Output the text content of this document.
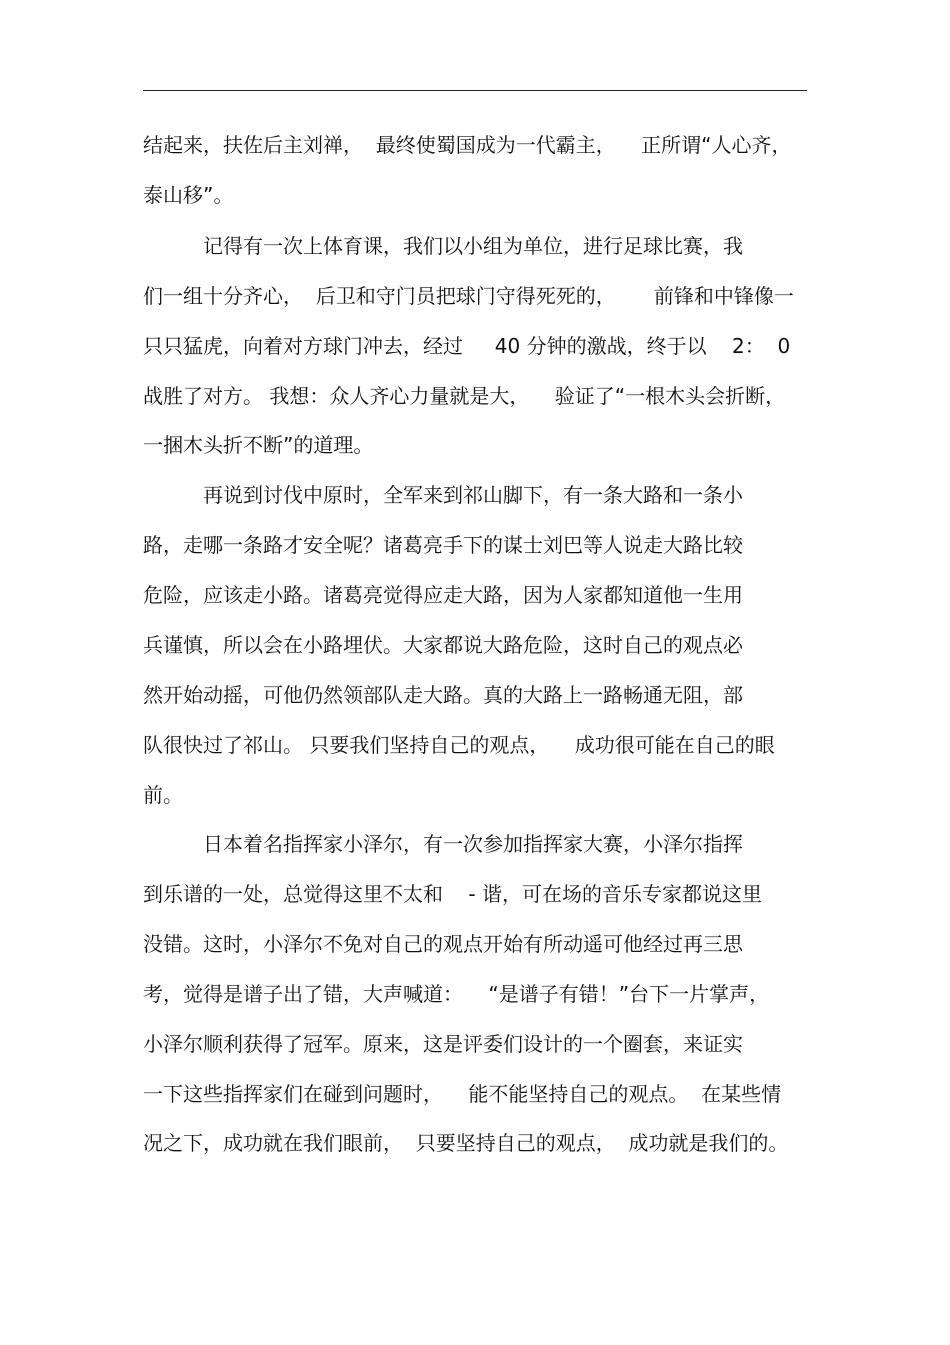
结起来，扶佐后主刘禅，  最终使蜀国成为一代霸主，    正所谓“人心齐，
泰山移”。
记得有一次上体育课，我们以小组为单位，进行足球比赛，我
们一组十分齐心，  后卫和守门员把球门守得死死的，      前锋和中锋像一
只只猛虎，向着对方球门冲去，经过     40 分钟的激战，终于以    2：  0
战胜了对方。 我想：众人齐心力量就是大，    验证了“一根木头会折断，
一捆木头折不断”的道理。
再说到讨伐中原时，全军来到祁山脚下，有一条大路和一条小
路，走哪一条路才安全呢？诸葛亮手下的谋士刘巴等人说走大路比较
危险，应该走小路。诸葛亮觉得应走大路，因为人家都知道他一生用
兵谨慎，所以会在小路埋伏。大家都说大路危险，这时自己的观点必
然开始动摇，可他仍然领部队走大路。真的大路上一路畅通无阻，部
队很快过了祁山。 只要我们坚持自己的观点，    成功很可能在自己的眼
前。
日本着名指挥家小泽尔，有一次参加指挥家大赛，小泽尔指挥
到乐谱的一处，总觉得这里不太和    - 谐，可在场的音乐专家都说这里
没错。这时，小泽尔不免对自己的观点开始有所动遥可他经过再三思
考，觉得是谱子出了错，大声喊道：    “是谱子有错！”台下一片掌声，
小泽尔顺利获得了冠军。原来，这是评委们设计的一个圈套，来证实
一下这些指挥家们在碰到问题时，    能不能坚持自己的观点。  在某些情
况之下，成功就在我们眼前，  只要坚持自己的观点，  成功就是我们的。
